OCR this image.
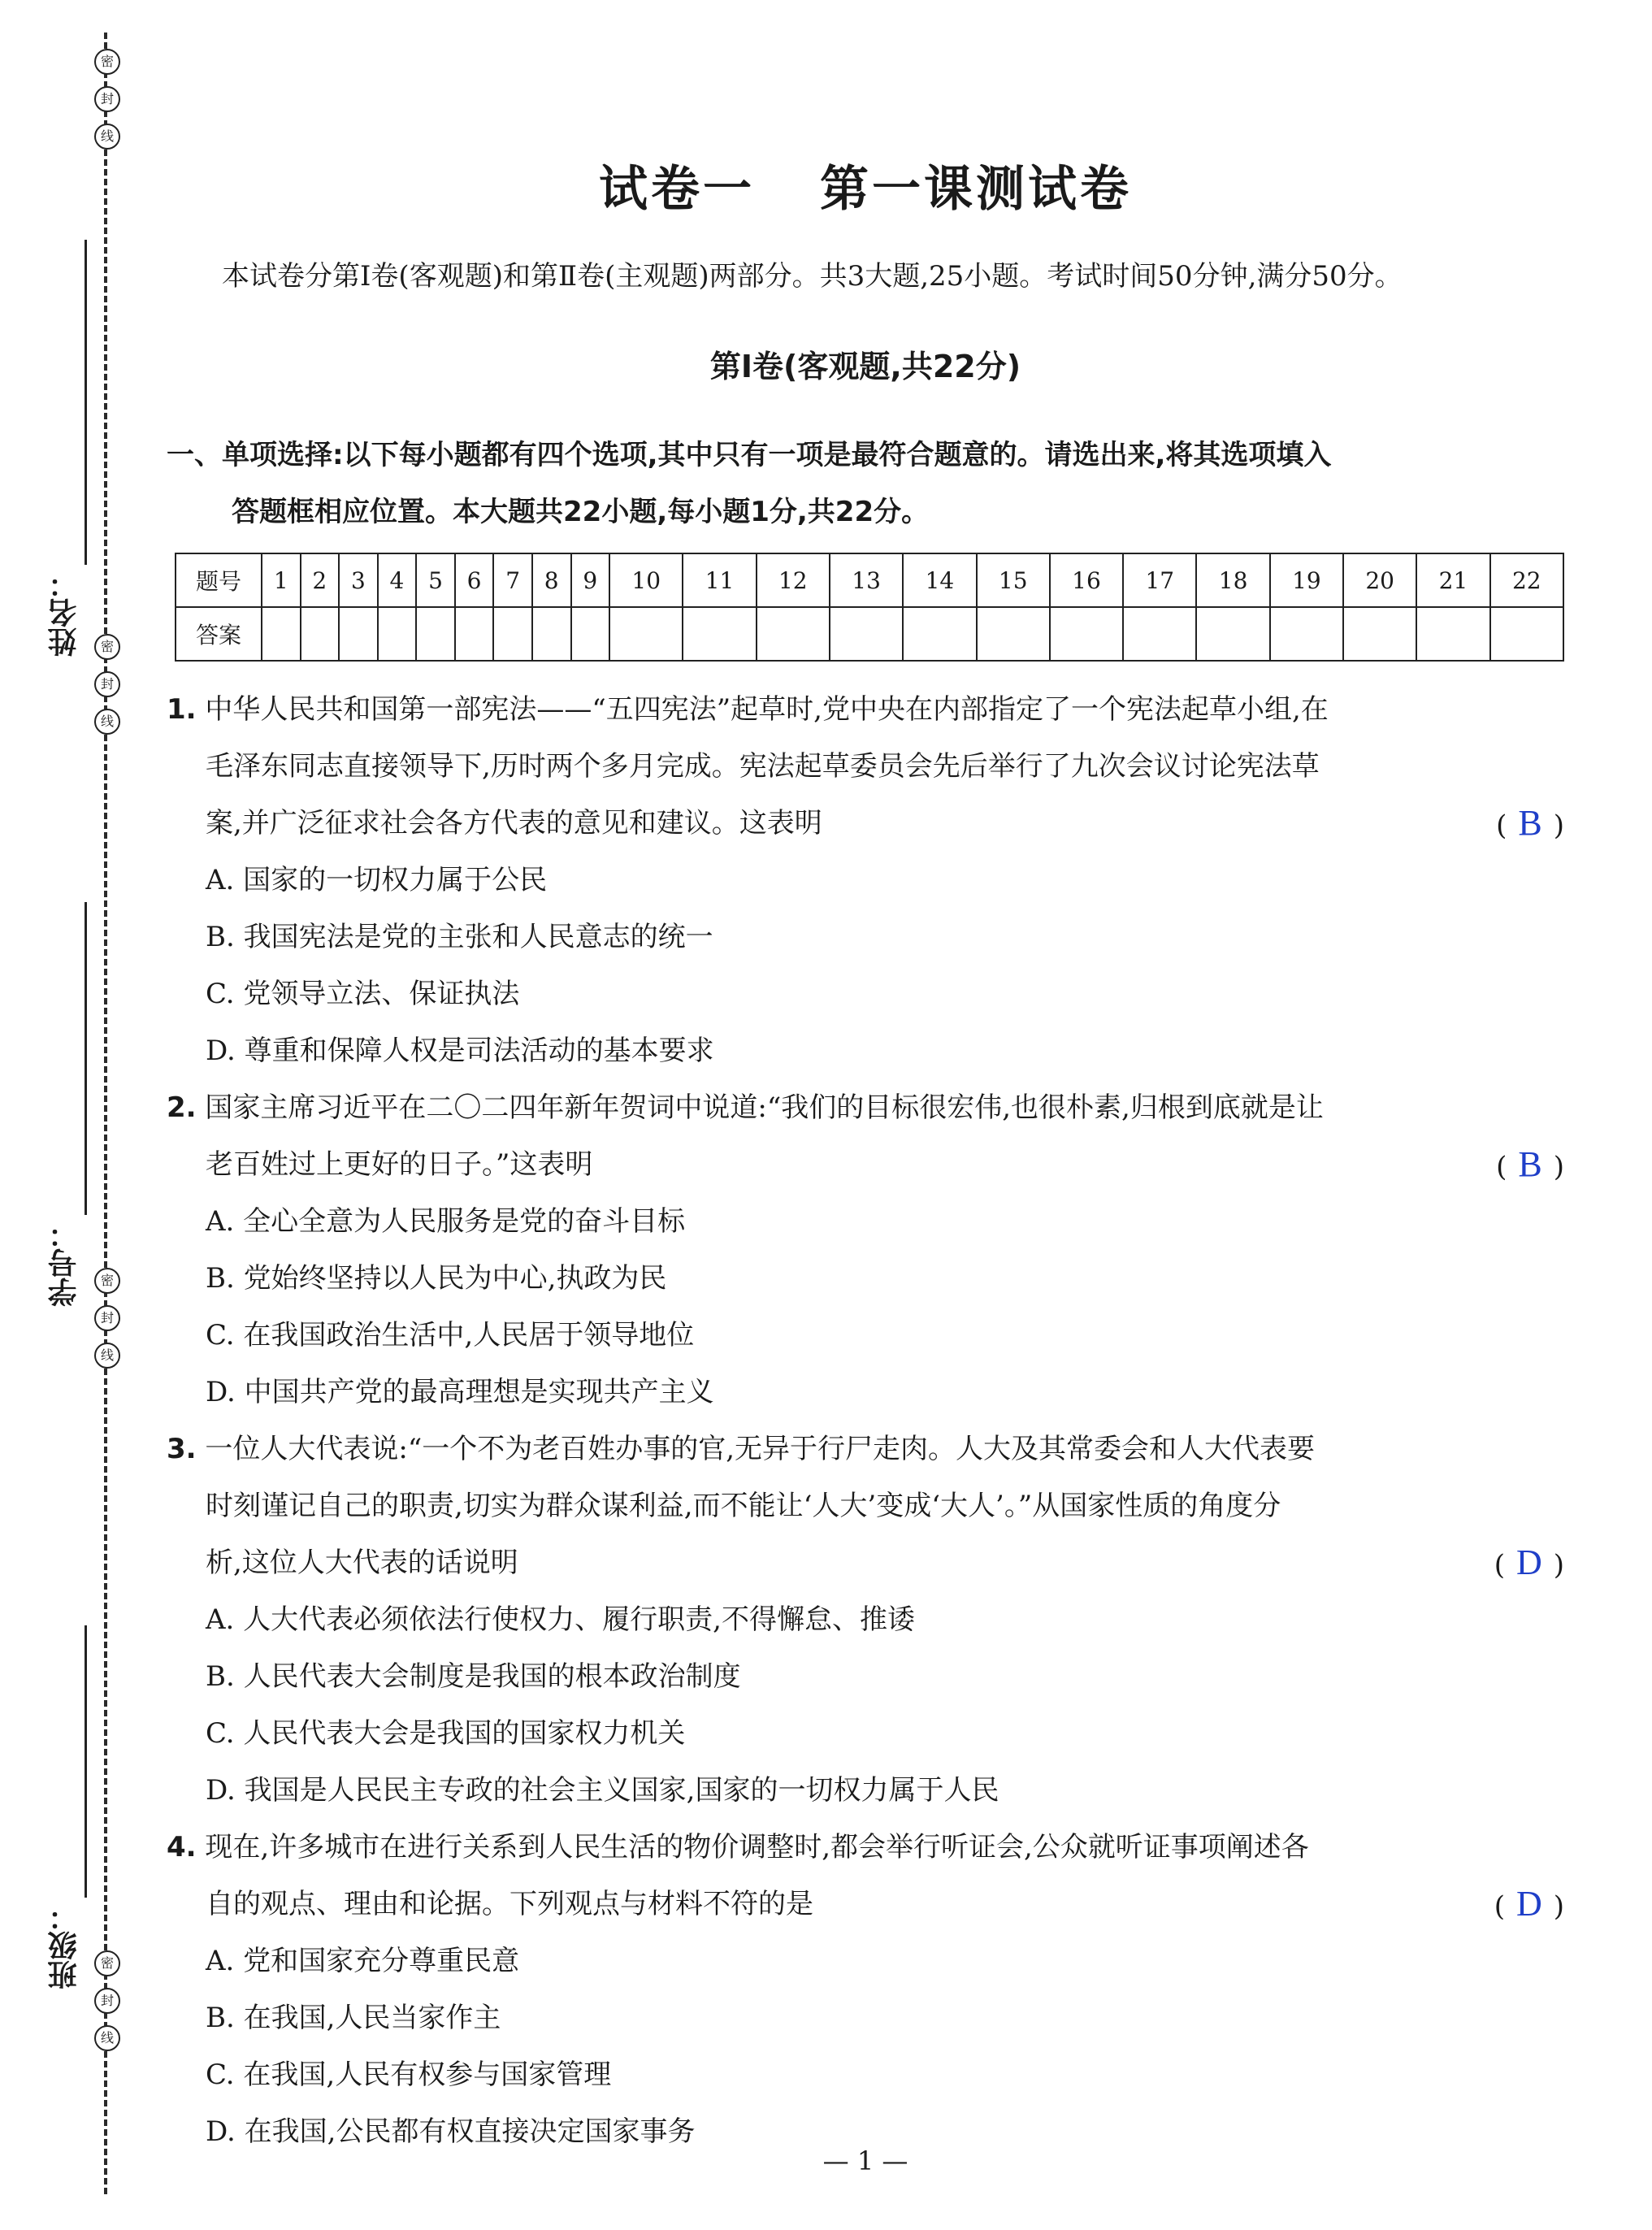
密
封
线
密
封
线
密
封
线
密
封
线
姓名：
学号：
班级：
试卷一 第一课测试卷
本试卷分第Ⅰ卷(客观题)和第Ⅱ卷(主观题)两部分。共3大题,25小题。考试时间50分钟,满分50分。
第Ⅰ卷(客观题,共22分)
一、单项选择:以下每小题都有四个选项,其中只有一项是最符合题意的。请选出来,将其选项填入
答题框相应位置。本大题共22小题,每小题1分,共22分。
题号	1	2	3	4	5	6	7	8	9	10	11	12	13	14	15	16	17	18	19	20	21	22
答案																						
1. 中华人民共和国第一部宪法——“五四宪法”起草时,党中央在内部指定了一个宪法起草小组,在
毛泽东同志直接领导下,历时两个多月完成。宪法起草委员会先后举行了九次会议讨论宪法草
案,并广泛征求社会各方代表的意见和建议。这表明	( B )
A. 国家的一切权力属于公民
B. 我国宪法是党的主张和人民意志的统一
C. 党领导立法、保证执法
D. 尊重和保障人权是司法活动的基本要求
2. 国家主席习近平在二〇二四年新年贺词中说道:“我们的目标很宏伟,也很朴素,归根到底就是让
老百姓过上更好的日子。”这表明	( B )
A. 全心全意为人民服务是党的奋斗目标
B. 党始终坚持以人民为中心,执政为民
C. 在我国政治生活中,人民居于领导地位
D. 中国共产党的最高理想是实现共产主义
3. 一位人大代表说:“一个不为老百姓办事的官,无异于行尸走肉。人大及其常委会和人大代表要
时刻谨记自己的职责,切实为群众谋利益,而不能让‘人大’变成‘大人’。”从国家性质的角度分
析,这位人大代表的话说明	( D )
A. 人大代表必须依法行使权力、履行职责,不得懈怠、推诿
B. 人民代表大会制度是我国的根本政治制度
C. 人民代表大会是我国的国家权力机关
D. 我国是人民民主专政的社会主义国家,国家的一切权力属于人民
4. 现在,许多城市在进行关系到人民生活的物价调整时,都会举行听证会,公众就听证事项阐述各
自的观点、理由和论据。下列观点与材料不符的是	( D )
A. 党和国家充分尊重民意
B. 在我国,人民当家作主
C. 在我国,人民有权参与国家管理
D. 在我国,公民都有权直接决定国家事务
— 1 —
